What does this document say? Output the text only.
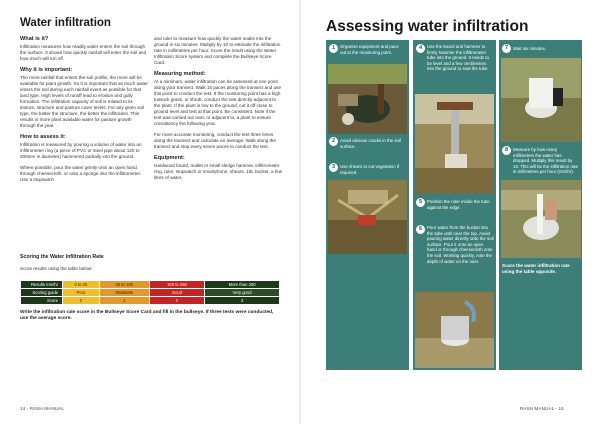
Water infiltration
What is it?

Infiltration measures how readily water enters the soil through the surface. It shows how quickly rainfall will enter the soil and how much will run off.

Why it is important:

The more rainfall that enters the soil profile, the more will be available for plant growth. So it is important that as much water enters the soil during each rainfall event as possible for that land type. High levels of runoff lead to erosion and gully formation. The infiltration capacity of soil is related to its texture, structure and pasture cover levels. For any given soil type, the better the structure, the better the infiltration. This results in more plant available water for pasture growth through the year.

How to assess it:

Infiltration is measured by pouring a volume of water into an infiltrometer ring (a piece of PVC or steel pipe about 120 to 200mm in diameter) hammered partially into the ground.

Where possible, pour the water gently onto an open hand, through cheesecloth, or onto a sponge into the infiltrometer. Use a stopwatch

and ruler to measure how quickly the water soaks into the ground in six minutes. Multiply by 10 to estimate the infiltration rate in millimetres per hour. Score the result using the Water Infiltration Score system and complete the Bullseye Score Card.

Measuring method:

At a minimum, water infiltration can be assessed at one point along your transect. Walk 15 paces along the transect and use this point to conduct the test. If the monitoring point has a high tussock grass, or shrub, conduct the test directly adjacent to the plant. If the plant is low to the ground, cut it off close to ground level and test at that point. Be consistent. Note if the test was carried out over, or adjacent to, a plant to ensure consistency the following year.

For more accurate monitoring, conduct the test three times along the transect and calculate an average. Walk along the transect and stop every seven paces to conduct the test.

Equipment:

Hardwood board, mallet or small sledge hammer, infiltrometer ring, ruler, stopwatch or smartphone, shears, 10L bucket, a few litres of water.

Scoring the Water Infiltration Rate
Score results using the table below:
Results mm/hr	0 to 25	25 to 100	100 to 250	More than 250
Scoring guide	Poor	Moderate	Good	Very good
Score	0	1	2	3
Write the infiltration rate score in the Bullseye Score Card and fill in the bullseye. If three tests were conducted, use the average score.
14 - RASH MANUAL
Assessing water infiltration
1	Organise equipment and pace out to the monitoring point.
2	Avoid obvious cracks in the soil surface.
3	Use shears to cut vegetation if required.
4	Use the board and hammer to firmly hammer the infiltrometer tube into the ground. It needs to be level and a few centimetres into the ground to seal the tube.
5	Position the ruler inside the tube against the edge.
6	Pour water from the bucket into the tube until near the top. Avoid pouring water directly onto the soil surface. Pour it onto an open hand or through cheesecloth onto the soil. Working quickly, note the depth of water on the ruler.
7	Wait six minutes.
8	Measure by how many millimetres the water has dropped. Multiply this result by 10. This will be the infiltration rate in millimetres per hour (mm/hr).
Score the water infiltration rate using the table opposite.
RASH MANUAL - 15
